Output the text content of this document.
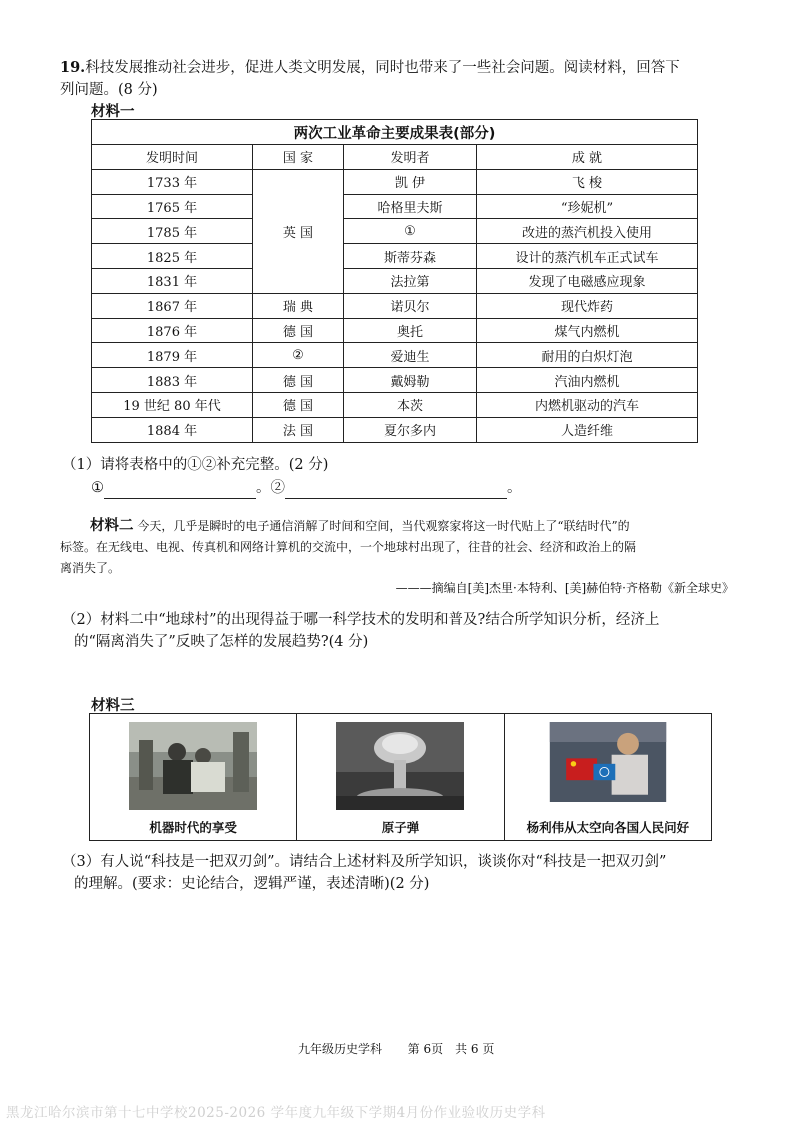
19.科技发展推动社会进步，促进人类文明发展，同时也带来了一些社会问题。阅读材料，回答下
列问题。(8 分)
材料一
两次工业革命主要成果表(部分)			
发明时间	国 家	发明者	成 就
1733 年	英 国	凯 伊	飞 梭
1765 年		哈格里夫斯	“珍妮机”
1785 年		①	改进的蒸汽机投入使用
1825 年		斯蒂芬森	设计的蒸汽机车正式试车
1831 年		法拉第	发现了电磁感应现象
1867 年	瑞 典	诺贝尔	现代炸药
1876 年	德 国	奥托	煤气内燃机
1879 年	②	爱迪生	耐用的白炽灯泡
1883 年	德 国	戴姆勒	汽油内燃机
19 世纪 80 年代	德 国	本茨	内燃机驱动的汽车
1884 年	法 国	夏尔多内	人造纤维
（1）请将表格中的①②补充完整。(2 分)
①	。②	。
材料二 今天，几乎是瞬时的电子通信消解了时间和空间，当代观察家将这一时代贴上了“联结时代”的
标签。在无线电、电视、传真机和网络计算机的交流中，一个地球村出现了，往昔的社会、经济和政治上的隔
离消失了。
———摘编自[美]杰里·本特利、[美]赫伯特·齐格勒《新全球史》
（2）材料二中“地球村”的出现得益于哪一科学技术的发明和普及?结合所学知识分析，经济上
的“隔离消失了”反映了怎样的发展趋势?(4 分)
材料三
机器时代的享受	原子弹	杨利伟从太空向各国人民问好
（3）有人说“科技是一把双刃剑”。请结合上述材料及所学知识，谈谈你对“科技是一把双刃剑”
的理解。(要求：史论结合，逻辑严谨，表述清晰)(2 分)
九年级历史学科 第 6页　共 6 页
黑龙江哈尔滨市第十七中学校2025-2026 学年度九年级下学期4月份作业验收历史学科
